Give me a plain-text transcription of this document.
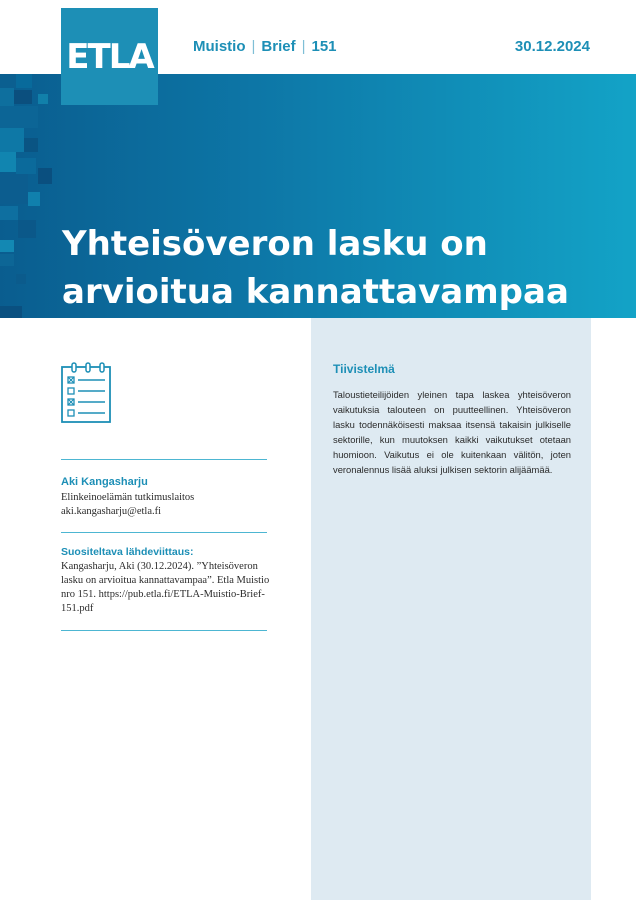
ETLA	Muistio | Brief | 151	30.12.2024
Yhteisöveron lasku on arvioitua kannattavampaa
Aki Kangasharju
Elinkeinoelämän tutkimuslaitos
aki.kangasharju@etla.fi
Suositeltava lähdeviittaus:

Kangasharju, Aki (30.12.2024). ”Yhteisöveron lasku on arvioitua kannattavampaa”. Etla Muistio nro 151. https://pub.etla.fi/ETLA-Muistio-Brief-151.pdf

Tiivistelmä

Taloustieteilijöiden yleinen tapa laskea yhteisöveron vaikutuksia talouteen on puutteellinen. Yhteisöveron lasku todennäköisesti maksaa itsensä takaisin julkiselle sektorille, kun muutoksen kaikki vaikutukset otetaan huomioon. Vaikutus ei ole kuitenkaan välitön, joten veronalennus lisää aluksi julkisen sektorin alijäämää.
